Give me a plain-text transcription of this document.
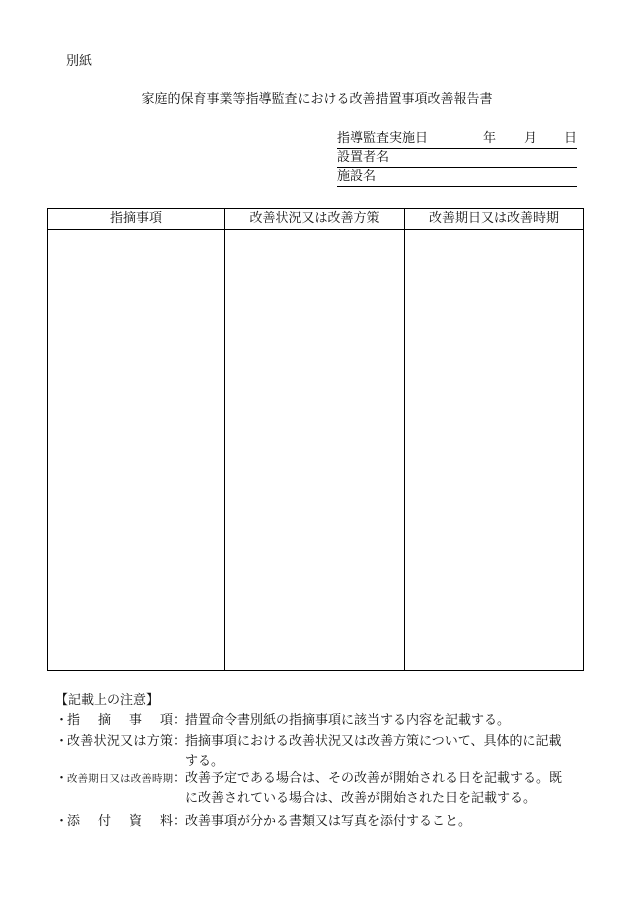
別紙
家庭的保育事業等指導監査における改善措置事項改善報告書
指導監査実施日	年 月 日
設置者名
施設名
指摘事項	改善状況又は改善方策	改善期日又は改善時期

【記載上の注意】
・
指　摘　事　項 ：
措置命令書別紙の指摘事項に該当する内容を記載する。
・
改善状況又は方策 ：
指摘事項における改善状況又は改善方策について、具体的に記載
する。
・
改善期日又は改善時期 ：
改善予定である場合は、その改善が開始される日を記載する。既
に改善されている場合は、改善が開始された日を記載する。
・
添　付　資　料 ：
改善事項が分かる書類又は写真を添付すること。
